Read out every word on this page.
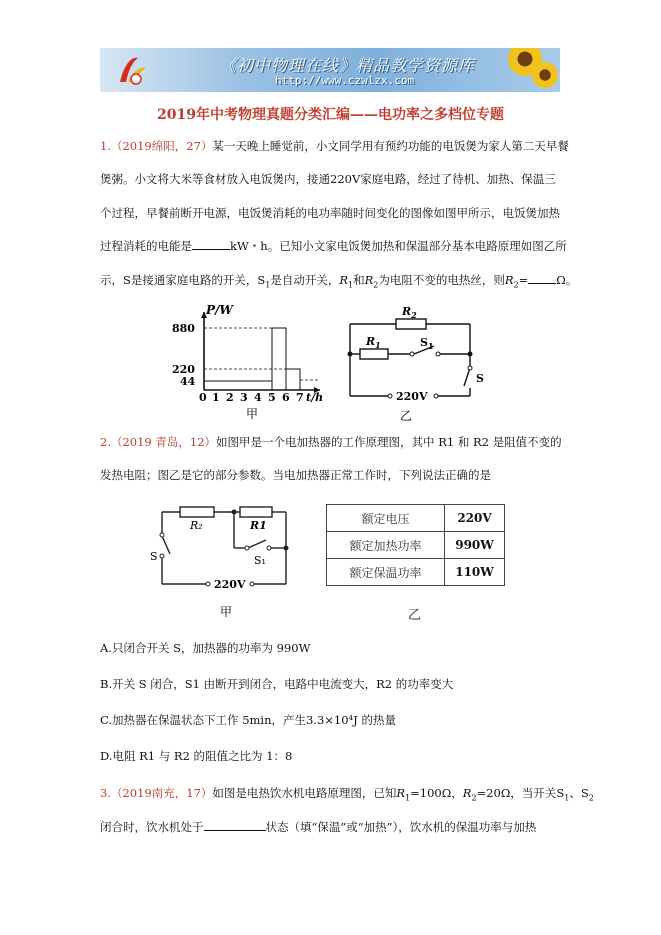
《初中物理在线》精品教学资源库
http://www.czwlzx.com
2019年中考物理真题分类汇编——电功率之多档位专题
1.（2019绵阳，27）某一天晚上睡觉前，小文同学用有预约功能的电饭煲为家人第二天早餐
煲粥。小文将大米等食材放入电饭煲内，接通220V家庭电路，经过了待机、加热、保温三
个过程，早餐前断开电源，电饭煲消耗的电功率随时间变化的图像如图甲所示，电饭煲加热
过程消耗的电能是	kW・h。已知小文家电饭煲加热和保温部分基本电路原理如图乙所
示，S是接通家庭电路的开关，$S_1$是自动开关，$R_1$和$R_2$为电阻不变的电热丝，则$R_2= \Omega$。
P/W
t/h
880
220
44
0 1 2 3 4 5 6 7
甲
$R_2$
$R_1$	$S_1$
S
220V
乙
2.（2019 青岛，12）如图甲是一个电加热器的工作原理图，其中 R1 和 R2 是阻值不变的
发热电阻；图乙是它的部分参数。当电加热器正常工作时，下列说法正确的是
R₂	R1
S	S₁
220V
甲
额定电压	220V
额定加热功率	990W
额定保温功率	110W
乙
A.只闭合开关 S，加热器的功率为 990W
B.开关 S 闭合，S1 由断开到闭合，电路中电流变大，R2 的功率变大
C.加热器在保温状态下工作 5min，产生3.3×10⁴J 的热量
D.电阻 R1 与 R2 的阻值之比为 1：8
3.（2019南充，17）如图是电热饮水机电路原理图，已知$R_1=100\Omega$，$R_2=20\Omega$，当开关$S_1$、$S_2$
闭合时，饮水机处于	状态（填“保温”或“加热”），饮水机的保温功率与加热
